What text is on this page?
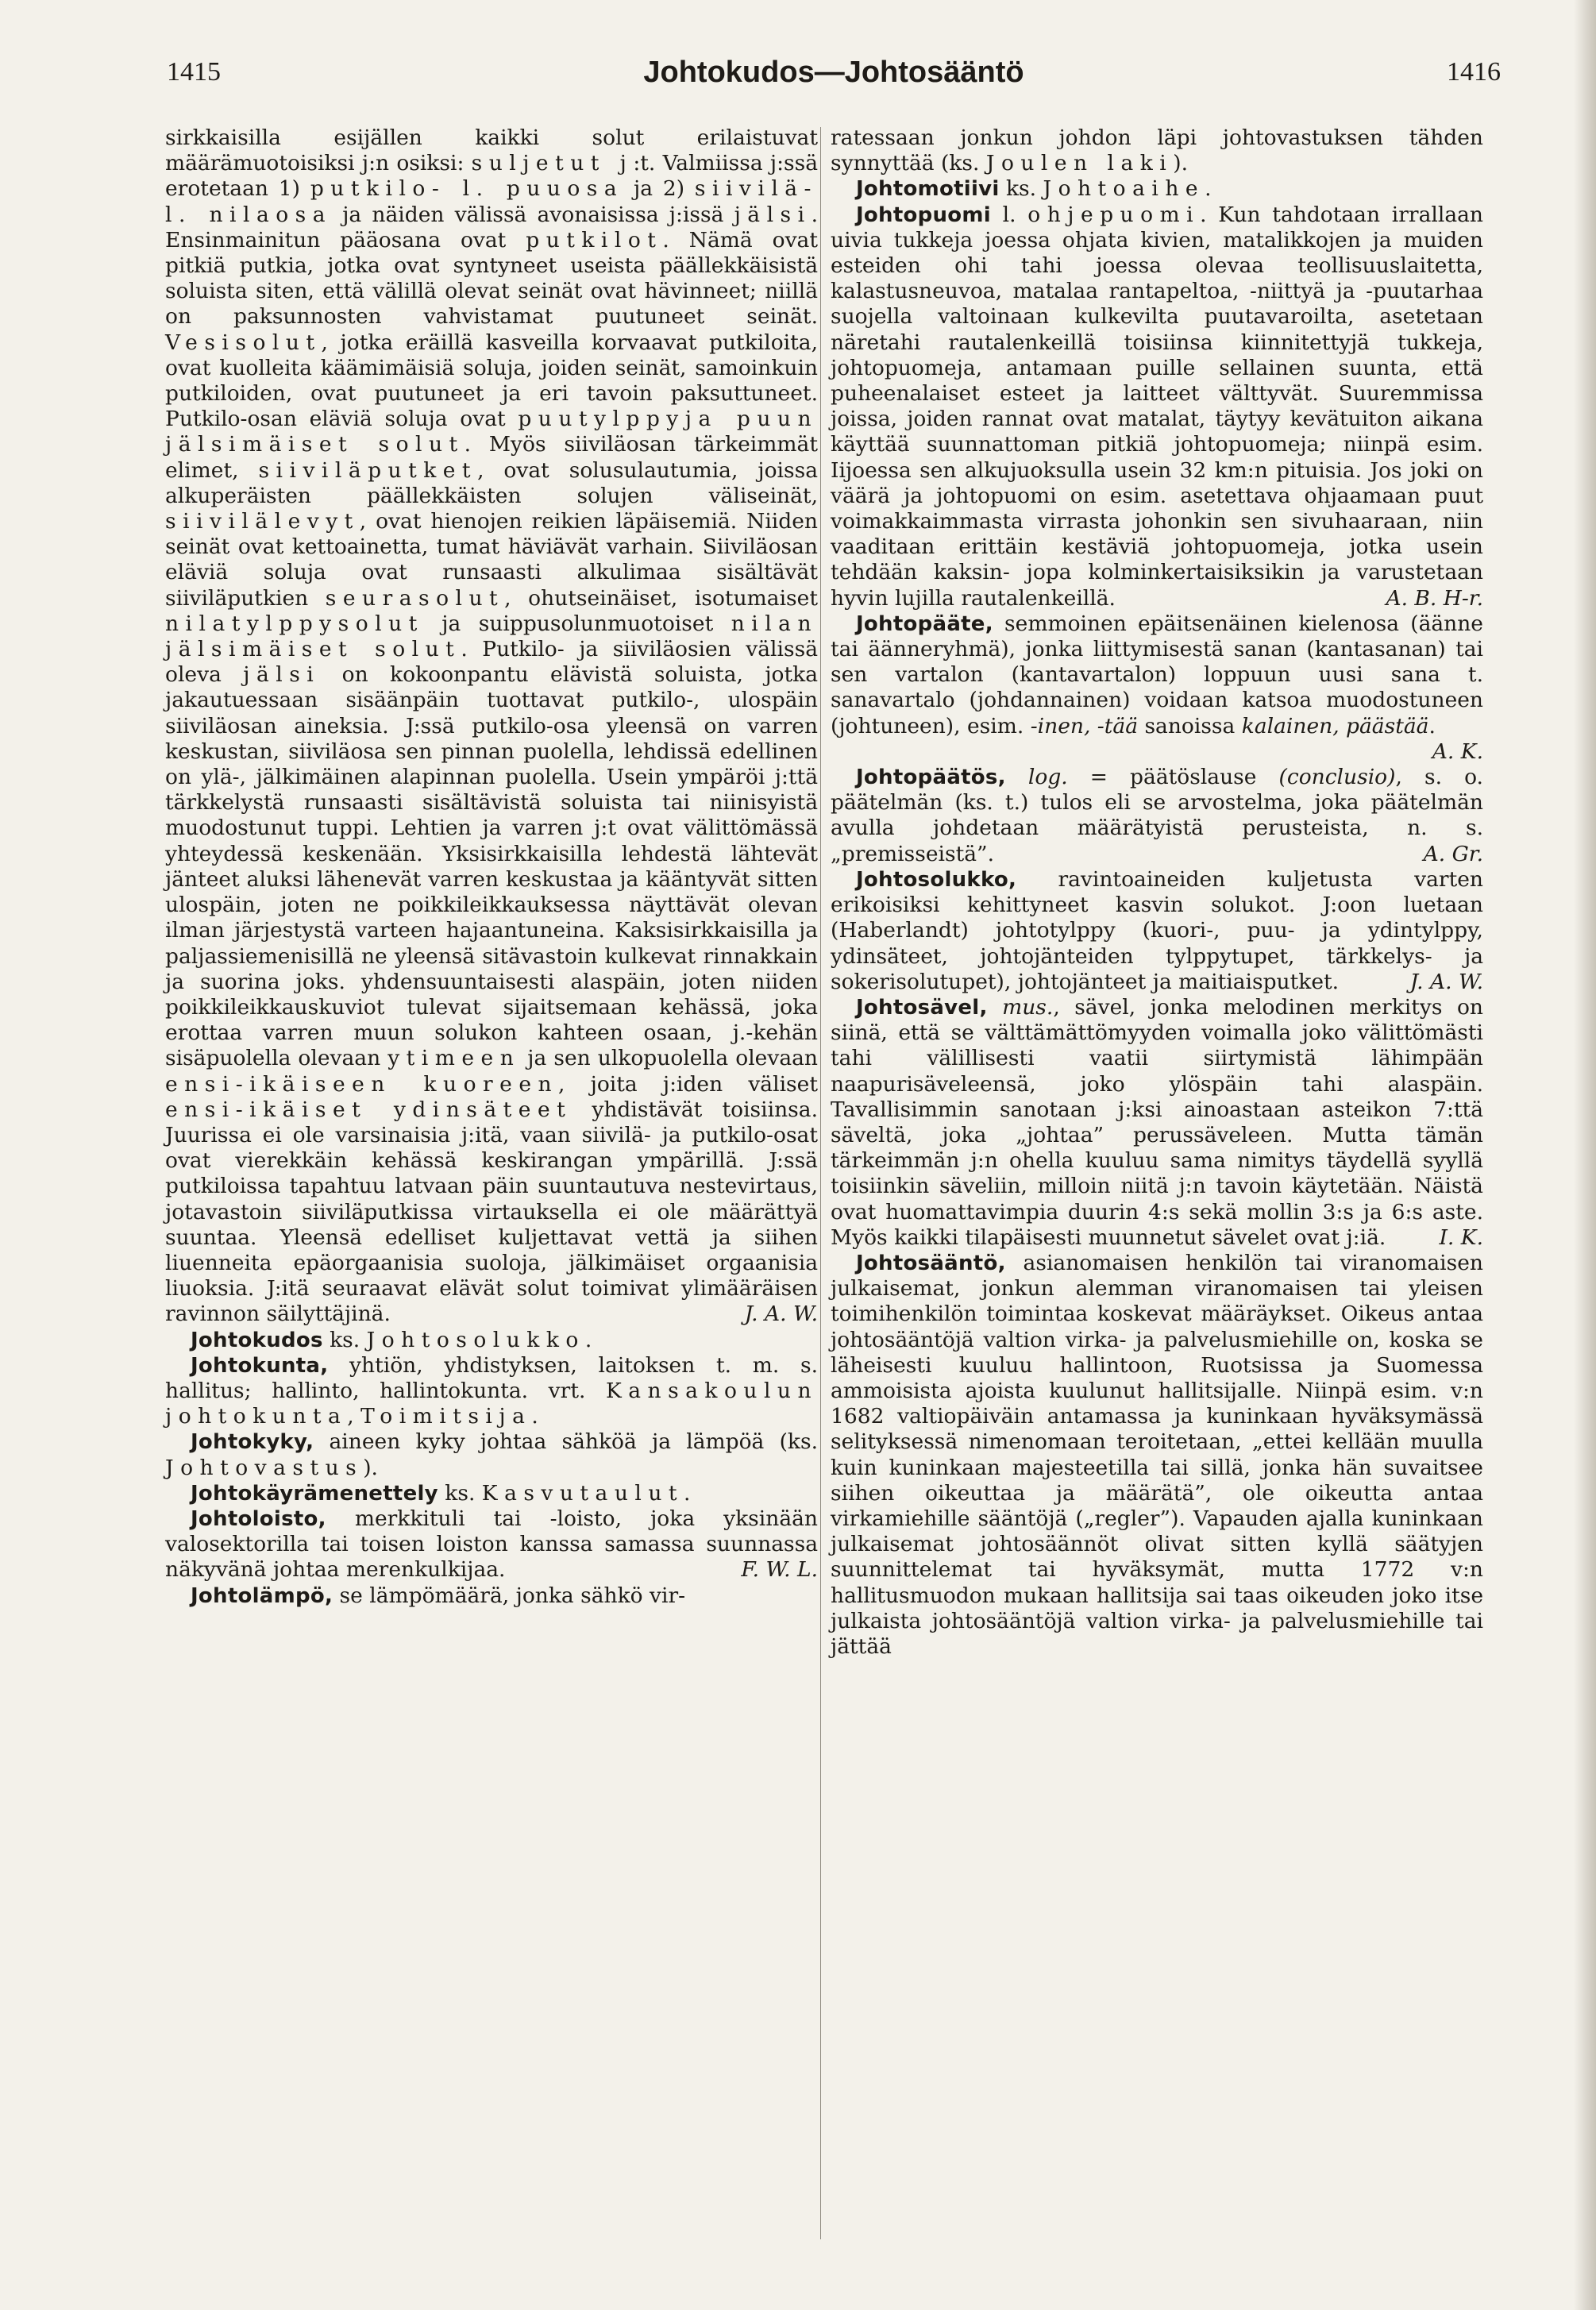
1415	Johtokudos—Johtosääntö	1416

sirkkaisilla esijällen kaikki solut erilaistuvat määrämuotoisiksi j:n osiksi: suljetut j:t. Valmiissa j:ssä erotetaan 1) putkilo- l. puuosa ja 2) siivilä- l. nilaosa ja näiden välissä avonaisissa j:issä jälsi. Ensinmainitun pääosana ovat putkilot. Nämä ovat pitkiä putkia, jotka ovat syntyneet useista päällekkäisistä soluista siten, että välillä olevat seinät ovat hävinneet; niillä on paksunnosten vahvistamat puutuneet seinät. Vesisolut, jotka eräillä kasveilla korvaavat putkiloita, ovat kuolleita käämimäisiä soluja, joiden seinät, samoinkuin putkiloiden, ovat puutuneet ja eri tavoin paksuttuneet. Putkilo-osan eläviä soluja ovat puutylppyja puun jälsimäiset solut. Myös siiviläosan tärkeimmät elimet, siiviläputket, ovat solusulautumia, joissa alkuperäisten päällekkäisten solujen väliseinät, siivilälevyt, ovat hienojen reikien läpäisemiä. Niiden seinät ovat kettoainetta, tumat häviävät varhain. Siiviläosan eläviä soluja ovat runsaasti alkulimaa sisältävät siiviläputkien seurasolut, ohutseinäiset, isotumaiset nilatylppysolut ja suippusolunmuotoiset nilan jälsimäiset solut. Putkilo- ja siiviläosien välissä oleva jälsi on kokoonpantu elävistä soluista, jotka jakautuessaan sisäänpäin tuottavat putkilo-, ulospäin siiviläosan aineksia. J:ssä putkilo-osa yleensä on varren keskustan, siiviläosa sen pinnan puolella, lehdissä edellinen on ylä-, jälkimäinen alapinnan puolella. Usein ympäröi j:ttä tärkkelystä runsaasti sisältävistä soluista tai niinisyistä muodostunut tuppi. Lehtien ja varren j:t ovat välittömässä yhteydessä keskenään. Yksisirkkaisilla lehdestä lähtevät jänteet aluksi lähenevät varren keskustaa ja kääntyvät sitten ulospäin, joten ne poikkileikkauksessa näyttävät olevan ilman järjestystä varteen hajaantuneina. Kaksisirkkaisilla ja paljassiemenisillä ne yleensä sitävastoin kulkevat rinnakkain ja suorina joks. yhdensuuntaisesti alaspäin, joten niiden poikkileikkauskuviot tulevat sijaitsemaan kehässä, joka erottaa varren muun solukon kahteen osaan, j.-kehän sisäpuolella olevaan ytimeen ja sen ulkopuolella olevaan ensi-ikäiseen kuoreen, joita j:iden väliset ensi-ikäiset ydinsäteet yhdistävät toisiinsa. Juurissa ei ole varsinaisia j:itä, vaan siivilä- ja putkilo-osat ovat vierekkäin kehässä keskirangan ympärillä. J:ssä putkiloissa tapahtuu latvaan päin suuntautuva nestevirtaus, jotavastoin siiviläputkissa virtauksella ei ole määrättyä suuntaa. Yleensä edelliset kuljettavat vettä ja siihen liuenneita epäorgaanisia suoloja, jälkimäiset orgaanisia liuoksia. J:itä seuraavat elävät solut toimivat ylimääräisen ravinnon säilyttäjinä.	J. A. W.

Johtokudos ks. Johtosolukko.

Johtokunta, yhtiön, yhdistyksen, laitoksen t. m. s. hallitus; hallinto, hallintokunta. vrt. Kansakoulun johtokunta, Toimitsija.

Johtokyky, aineen kyky johtaa sähköä ja lämpöä (ks. Johtovastus).

Johtokäyrämenettely ks. Kasvutaulut.

Johtoloisto, merkkituli tai -loisto, joka yksinään valosektorilla tai toisen loiston kanssa samassa suunnassa näkyvänä johtaa merenkulkijaa.	F. W. L.

Johtolämpö, se lämpömäärä, jonka sähkö vir-

ratessaan jonkun johdon läpi johtovastuksen tähden synnyttää (ks. Joulen laki).

Johtomotiivi ks. Johtoaihe.

Johtopuomi l. ohjepuomi. Kun tahdotaan irrallaan uivia tukkeja joessa ohjata kivien, matalikkojen ja muiden esteiden ohi tahi joessa olevaa teollisuuslaitetta, kalastusneuvoa, matalaa rantapeltoa, -niittyä ja -puutarhaa suojella valtoinaan kulkevilta puutavaroilta, asetetaan näretahi rautalenkeillä toisiinsa kiinnitettyjä tukkeja, johtopuomeja, antamaan puille sellainen suunta, että puheenalaiset esteet ja laitteet välttyvät. Suuremmissa joissa, joiden rannat ovat matalat, täytyy kevätuiton aikana käyttää suunnattoman pitkiä johtopuomeja; niinpä esim. Iijoessa sen alkujuoksulla usein 32 km:n pituisia. Jos joki on väärä ja johtopuomi on esim. asetettava ohjaamaan puut voimakkaimmasta virrasta johonkin sen sivuhaaraan, niin vaaditaan erittäin kestäviä johtopuomeja, jotka usein tehdään kaksin- jopa kolminkertaisiksikin ja varustetaan hyvin lujilla rautalenkeillä.	A. B. H-r.

Johtopääte, semmoinen epäitsenäinen kielenosa (äänne tai äänneryhmä), jonka liittymisestä sanan (kantasanan) tai sen vartalon (kantavartalon) loppuun uusi sana t. sanavartalo (johdannainen) voidaan katsoa muodostuneen (johtuneen), esim. -inen, -tää sanoissa kalainen, päästää.
A. K.

Johtopäätös, log. = päätöslause (conclusio), s. o. päätelmän (ks. t.) tulos eli se arvostelma, joka päätelmän avulla johdetaan määrätyistä perusteista, n. s. „premisseistä”.	A. Gr.

Johtosolukko, ravintoaineiden kuljetusta varten erikoisiksi kehittyneet kasvin solukot. J:oon luetaan (Haberlandt) johtotylppy (kuori-, puu- ja ydintylppy, ydinsäteet, johtojänteiden tylppytupet, tärkkelys- ja sokerisolutupet), johtojänteet ja maitiaisputket.	J. A. W.

Johtosävel, mus., sävel, jonka melodinen merkitys on siinä, että se välttämättömyyden voimalla joko välittömästi tahi välillisesti vaatii siirtymistä lähimpään naapurisäveleensä, joko ylöspäin tahi alaspäin. Tavallisimmin sanotaan j:ksi ainoastaan asteikon 7:ttä säveltä, joka „johtaa” perussäveleen. Mutta tämän tärkeimmän j:n ohella kuuluu sama nimitys täydellä syyllä toisiinkin säveliin, milloin niitä j:n tavoin käytetään. Näistä ovat huomattavimpia duurin 4:s sekä mollin 3:s ja 6:s aste. Myös kaikki tilapäisesti muunnetut sävelet ovat j:iä.	I. K.

Johtosääntö, asianomaisen henkilön tai viranomaisen julkaisemat, jonkun alemman viranomaisen tai yleisen toimihenkilön toimintaa koskevat määräykset. Oikeus antaa johtosääntöjä valtion virka- ja palvelusmiehille on, koska se läheisesti kuuluu hallintoon, Ruotsissa ja Suomessa ammoisista ajoista kuulunut hallitsijalle. Niinpä esim. v:n 1682 valtiopäiväin antamassa ja kuninkaan hyväksymässä selityksessä nimenomaan teroitetaan, „ettei kellään muulla kuin kuninkaan majesteetilla tai sillä, jonka hän suvaitsee siihen oikeuttaa ja määrätä”, ole oikeutta antaa virkamiehille sääntöjä („regler”). Vapauden ajalla kuninkaan julkaisemat johtosäännöt olivat sitten kyllä säätyjen suunnittelemat tai hyväksymät, mutta 1772 v:n hallitusmuodon mukaan hallitsija sai taas oikeuden joko itse julkaista johtosääntöjä valtion virka- ja palvelusmiehille tai jättää
